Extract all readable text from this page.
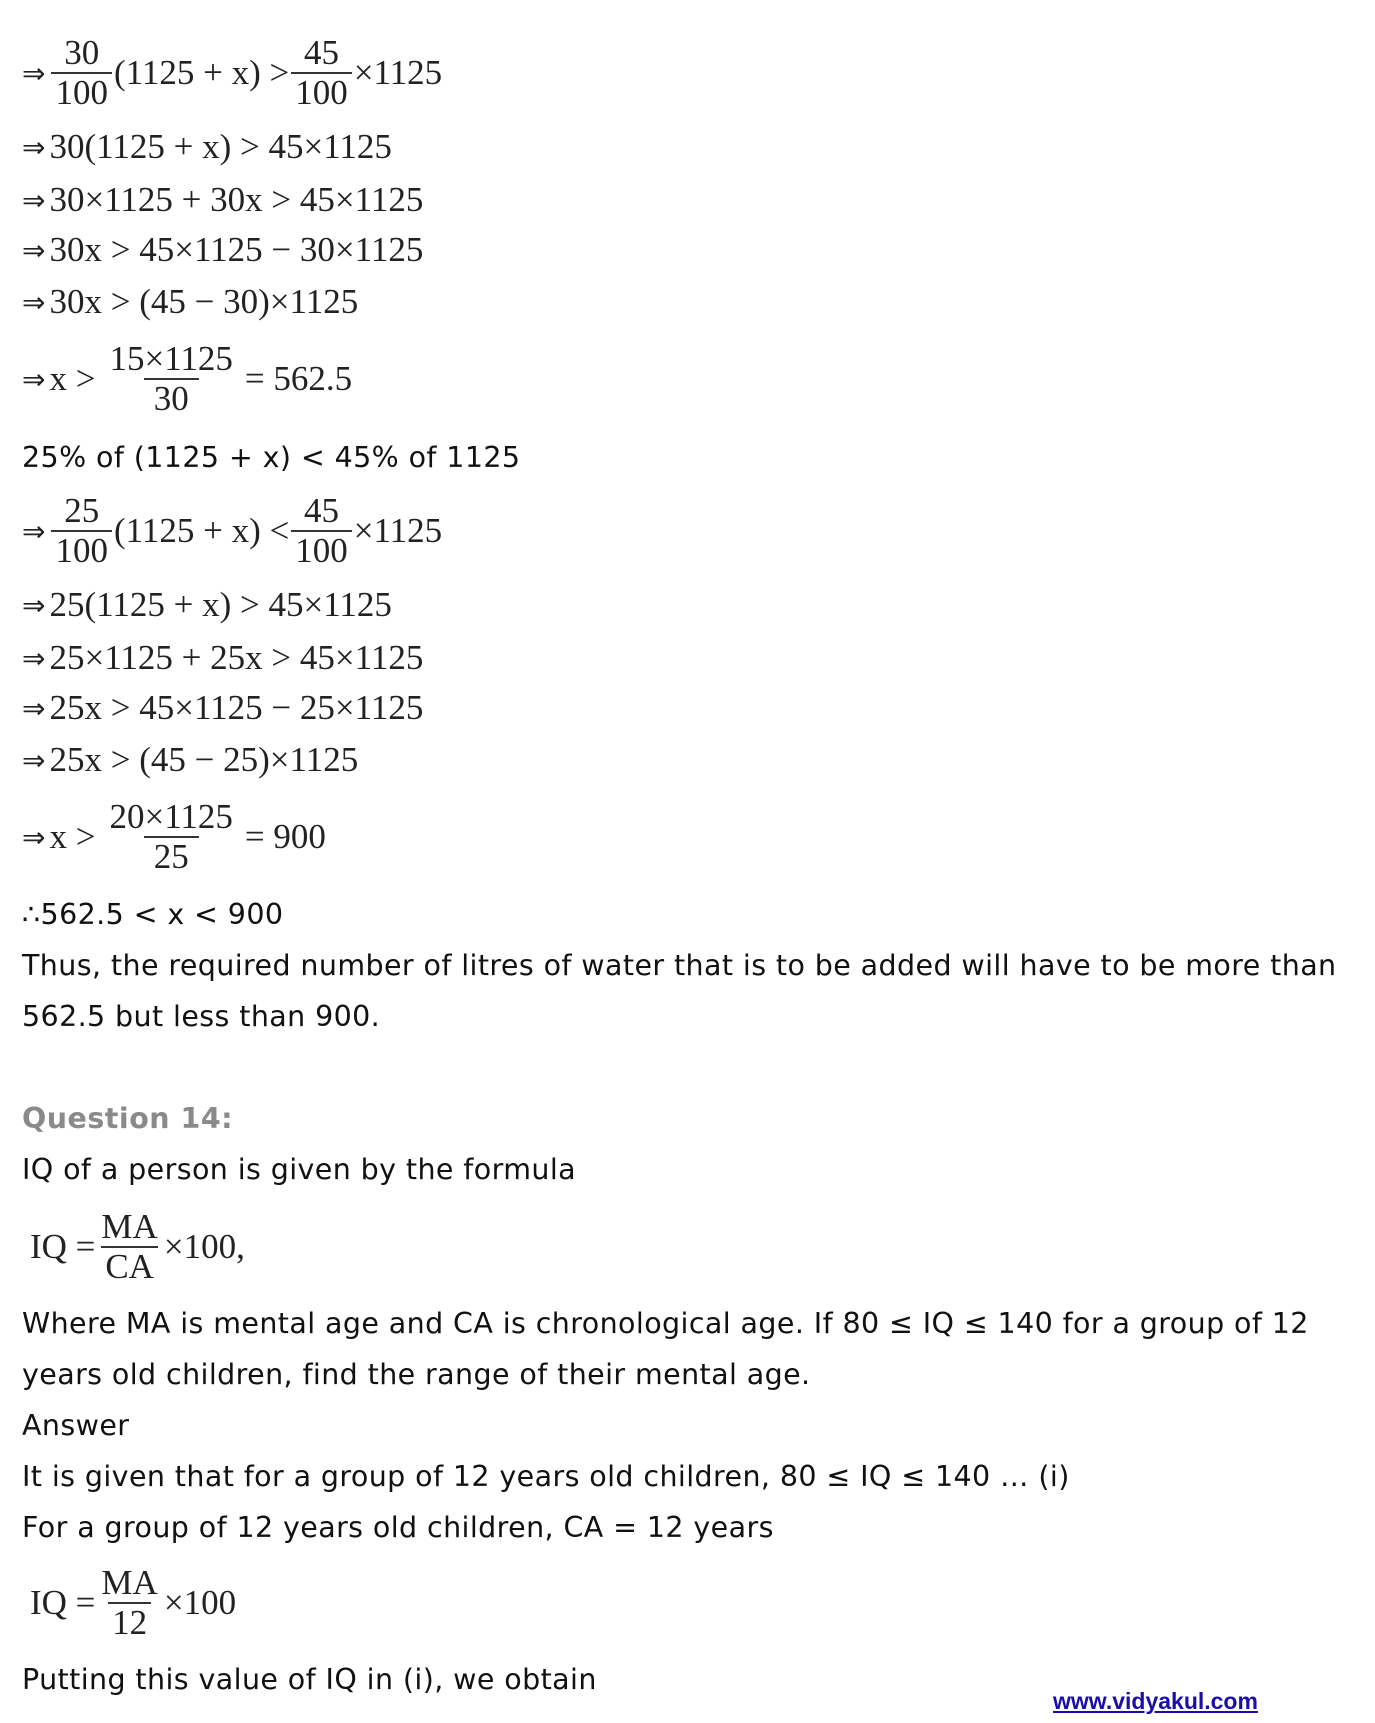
⇒ $\frac{30}{100} (1125 + x) > \frac{45}{100} \times 1125$
⇒ 30(1125 + x) > 45×1125
⇒ 30×1125 + 30x > 45×1125
⇒ 30x > 45×1125 − 30×1125
⇒ 30x > (45 − 30)×1125
⇒ $x > \frac{15\times 1125}{30} = 562.5$
25% of (1125 + x) < 45% of 1125
⇒ $\frac{25}{100} (1125 + x) < \frac{45}{100} \times 1125$
⇒ 25(1125 + x) > 45×1125
⇒ 25×1125 + 25x > 45×1125
⇒ 25x > 45×1125 − 25×1125
⇒ 25x > (45 − 25)×1125
⇒ $x > \frac{20\times 1125}{25} = 900$
∴562.5 < x < 900
Thus, the required number of litres of water that is to be added will have to be more than
562.5 but less than 900.
Question 14:
IQ of a person is given by the formula
IQ = $\frac{MA}{CA} \times 100$,
Where MA is mental age and CA is chronological age. If 80 ≤ IQ ≤ 140 for a group of 12
years old children, find the range of their mental age.
Answer
It is given that for a group of 12 years old children, 80 ≤ IQ ≤ 140 … (i)
For a group of 12 years old children, CA = 12 years
IQ = $\frac{MA}{12} \times 100$
Putting this value of IQ in (i), we obtain
www.vidyakul.com
